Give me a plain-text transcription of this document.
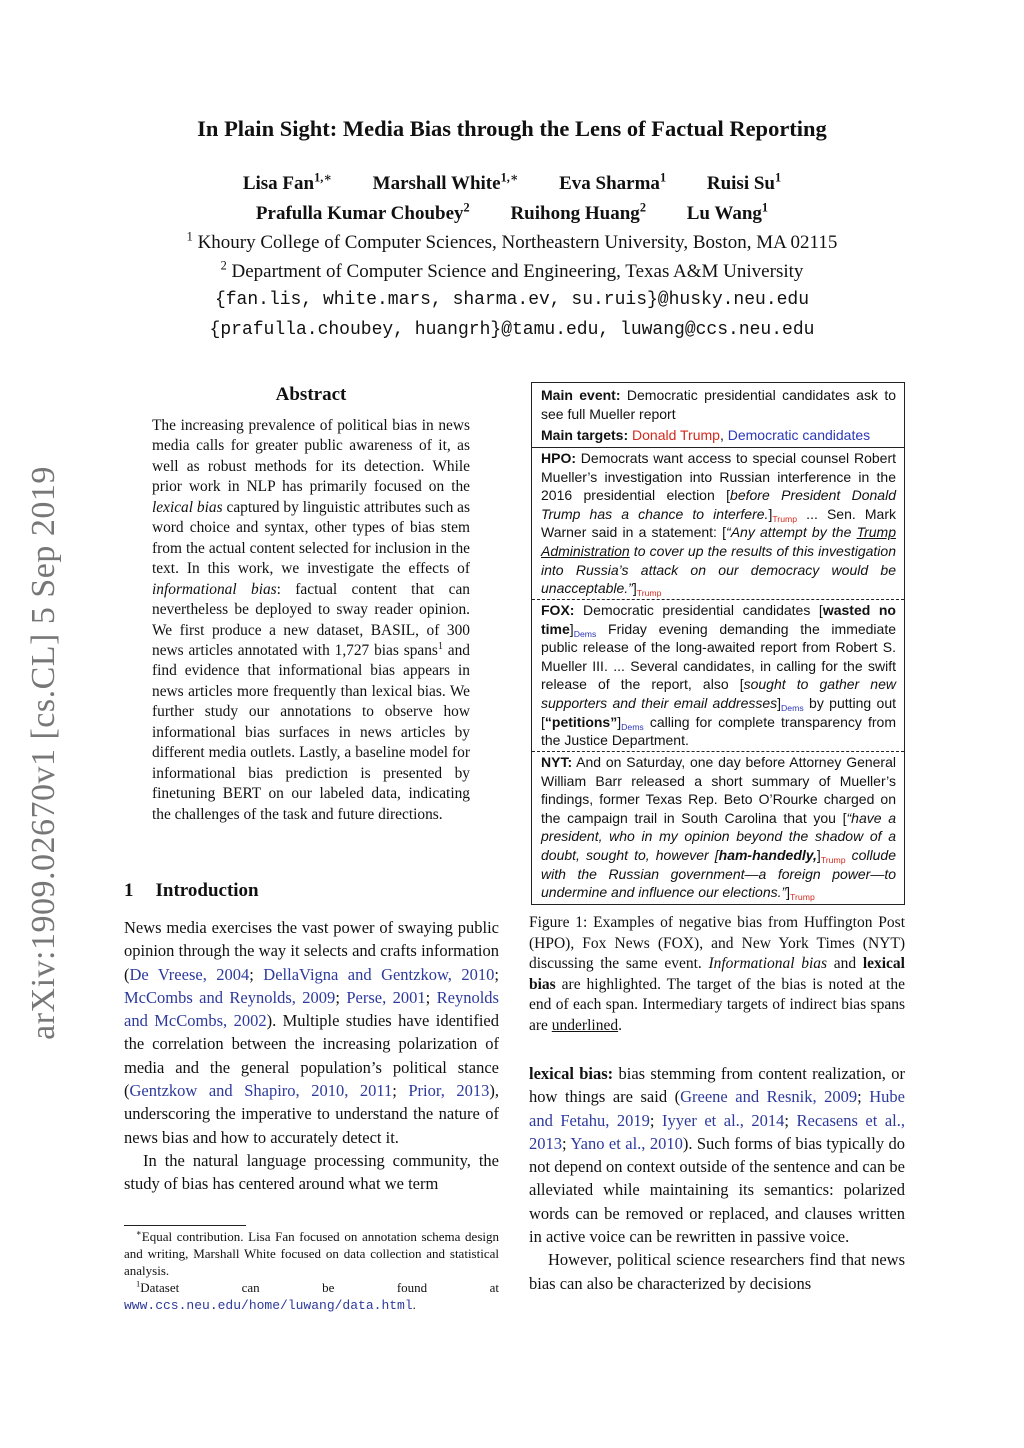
arXiv:1909.02670v1 [cs.CL] 5 Sep 2019
In Plain Sight: Media Bias through the Lens of Factual Reporting
Lisa Fan$^{1,∗}$ Marshall White$^{1,∗}$ Eva Sharma$^1$ Ruisi Su$^1$
Prafulla Kumar Choubey$^2$ Ruihong Huang$^2$ Lu Wang$^1$
$^1$ Khoury College of Computer Sciences, Northeastern University, Boston, MA 02115
$^2$ Department of Computer Science and Engineering, Texas A&M University
{fan.lis, white.mars, sharma.ev, su.ruis}@husky.neu.edu
{prafulla.choubey, huangrh}@tamu.edu, luwang@ccs.neu.edu
Abstract
The increasing prevalence of political bias in news media calls for greater public awareness of it, as well as robust methods for its detection. While prior work in NLP has primarily focused on the lexical bias captured by linguistic attributes such as word choice and syntax, other types of bias stem from the actual content selected for inclusion in the text. In this work, we investigate the effects of informational bias: factual content that can nevertheless be deployed to sway reader opinion. We first produce a new dataset, BASIL, of 300 news articles annotated with 1,727 bias spans$^1$ and find evidence that informational bias appears in news articles more frequently than lexical bias. We further study our annotations to observe how informational bias surfaces in news articles by different media outlets. Lastly, a baseline model for informational bias prediction is presented by finetuning BERT on our labeled data, indicating the challenges of the task and future directions.
1 Introduction

News media exercises the vast power of swaying public opinion through the way it selects and crafts information (De Vreese, 2004; DellaVigna and Gentzkow, 2010; McCombs and Reynolds, 2009; Perse, 2001; Reynolds and McCombs, 2002). Multiple studies have identified the correlation between the increasing polarization of media and the general population’s political stance (Gentzkow and Shapiro, 2010, 2011; Prior, 2013), underscoring the imperative to understand the nature of news bias and how to accurately detect it.

In the natural language processing community, the study of bias has centered around what we term

∗Equal contribution. Lisa Fan focused on annotation schema design and writing, Marshall White focused on data collection and statistical analysis.

$^1$Dataset can be found at www.ccs.neu.edu/home/luwang/data.html.

Main event: Democratic presidential candidates ask to see full Mueller report
Main targets: Donald Trump, Democratic candidates
HPO: Democrats want access to special counsel Robert Mueller’s investigation into Russian interference in the 2016 presidential election [before President Donald Trump has a chance to $interfere.]_{Trump}$ ... Sen. Mark Warner said in a statement: [“Any attempt by the Trump Administration to cover up the results of this investigation into Russia’s attack on our democracy would be $unacceptable.”]_{Trump}$
FOX: Democratic presidential candidates [wasted no $time]_{Dems}$ Friday evening demanding the immediate public release of the long-awaited report from Robert S. Mueller III. ... Several candidates, in calling for the swift release of the report, also [sought to gather new supporters and their email $addresses]_{Dems}$ by putting out $[“petitions”]_{Dems}$ calling for complete transparency from the Justice Department.
NYT: And on Saturday, one day before Attorney General William Barr released a short summary of Mueller’s findings, former Texas Rep. Beto O’Rourke charged on the campaign trail in South Carolina that you [“have a president, who in my opinion beyond the shadow of a doubt, sought to, however $[ham-handedly,]_{Trump}$ collude with the Russian government—a foreign power—to undermine and influence our $elections.”]_{Trump}$
Figure 1: Examples of negative bias from Huffington Post (HPO), Fox News (FOX), and New York Times (NYT) discussing the same event. Informational bias and lexical bias are highlighted. The target of the bias is noted at the end of each span. Intermediary targets of indirect bias spans are underlined.

lexical bias: bias stemming from content realization, or how things are said (Greene and Resnik, 2009; Hube and Fetahu, 2019; Iyyer et al., 2014; Recasens et al., 2013; Yano et al., 2010). Such forms of bias typically do not depend on context outside of the sentence and can be alleviated while maintaining its semantics: polarized words can be removed or replaced, and clauses written in active voice can be rewritten in passive voice.

However, political science researchers find that news bias can also be characterized by decisions
